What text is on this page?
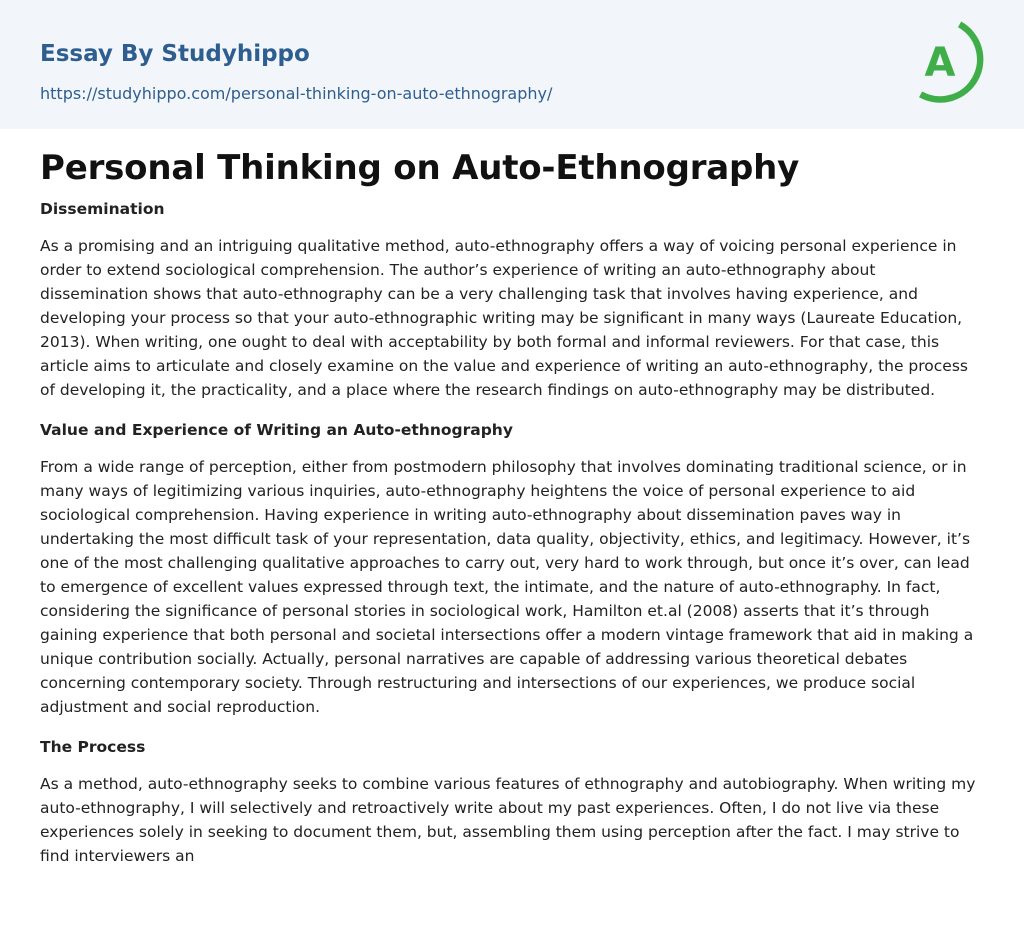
Essay By Studyhippo
https://studyhippo.com/personal-thinking-on-auto-ethnography/
A
Personal Thinking on Auto-Ethnography
Dissemination

As a promising and an intriguing qualitative method, auto-ethnography offers a way of voicing personal experience in order to extend sociological comprehension. The author’s experience of writing an auto-ethnography about dissemination shows that auto-ethnography can be a very challenging task that involves having experience, and developing your process so that your auto-ethnographic writing may be significant in many ways (Laureate Education, 2013). When writing, one ought to deal with acceptability by both formal and informal reviewers. For that case, this article aims to articulate and closely examine on the value and experience of writing an auto-ethnography, the process of developing it, the practicality, and a place where the research findings on auto-ethnography may be distributed.

Value and Experience of Writing an Auto-ethnography

From a wide range of perception, either from postmodern philosophy that involves dominating traditional science, or in many ways of legitimizing various inquiries, auto-ethnography heightens the voice of personal experience to aid sociological comprehension. Having experience in writing auto-ethnography about dissemination paves way in undertaking the most difficult task of your representation, data quality, objectivity, ethics, and legitimacy. However, it’s one of the most challenging qualitative approaches to carry out, very hard to work through, but once it’s over, can lead to emergence of excellent values expressed through text, the intimate, and the nature of auto-ethnography. In fact, considering the significance of personal stories in sociological work, Hamilton et.al (2008) asserts that it’s through gaining experience that both personal and societal intersections offer a modern vintage framework that aid in making a unique contribution socially. Actually, personal narratives are capable of addressing various theoretical debates concerning contemporary society. Through restructuring and intersections of our experiences, we produce social adjustment and social reproduction.

The Process

As a method, auto-ethnography seeks to combine various features of ethnography and autobiography. When writing my auto-ethnography, I will selectively and retroactively write about my past experiences. Often, I do not live via these experiences solely in seeking to document them, but, assembling them using perception after the fact. I may strive to find interviewers an
